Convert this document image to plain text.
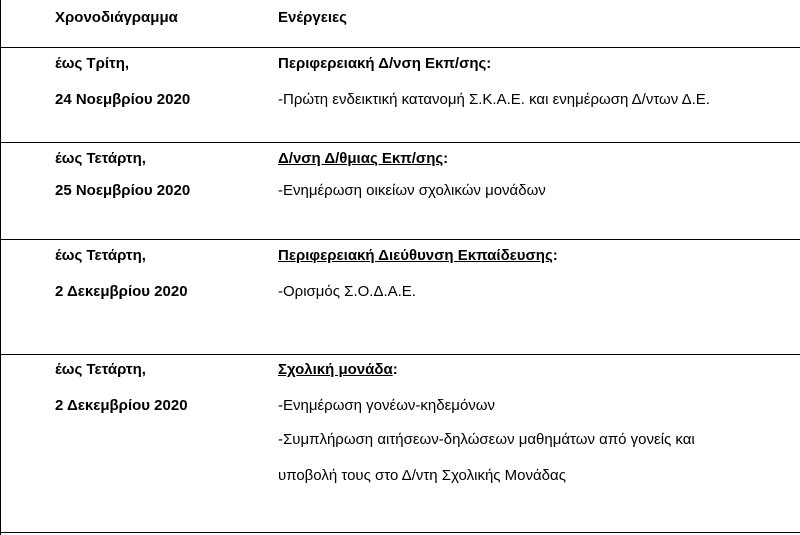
Χρονοδιάγραμμα	Ενέργειες
έως Τρίτη,
24 Νοεμβρίου 2020
Περιφερειακή Δ/νση Εκπ/σης:
-Πρώτη ενδεικτική κατανομή Σ.Κ.Α.Ε. και ενημέρωση Δ/ντων Δ.Ε.
έως Τετάρτη,
25 Νοεμβρίου 2020
Δ/νση Δ/θμιας Εκπ/σης:
-Ενημέρωση οικείων σχολικών μονάδων
έως Τετάρτη,
2 Δεκεμβρίου 2020
Περιφερειακή Διεύθυνση Εκπαίδευσης:
-Ορισμός Σ.Ο.Δ.Α.Ε.
έως Τετάρτη,
2 Δεκεμβρίου 2020
Σχολική μονάδα:
-Ενημέρωση γονέων-κηδεμόνων
-Συμπλήρωση αιτήσεων-δηλώσεων μαθημάτων από γονείς και
υποβολή τους στο Δ/ντη Σχολικής Μονάδας
